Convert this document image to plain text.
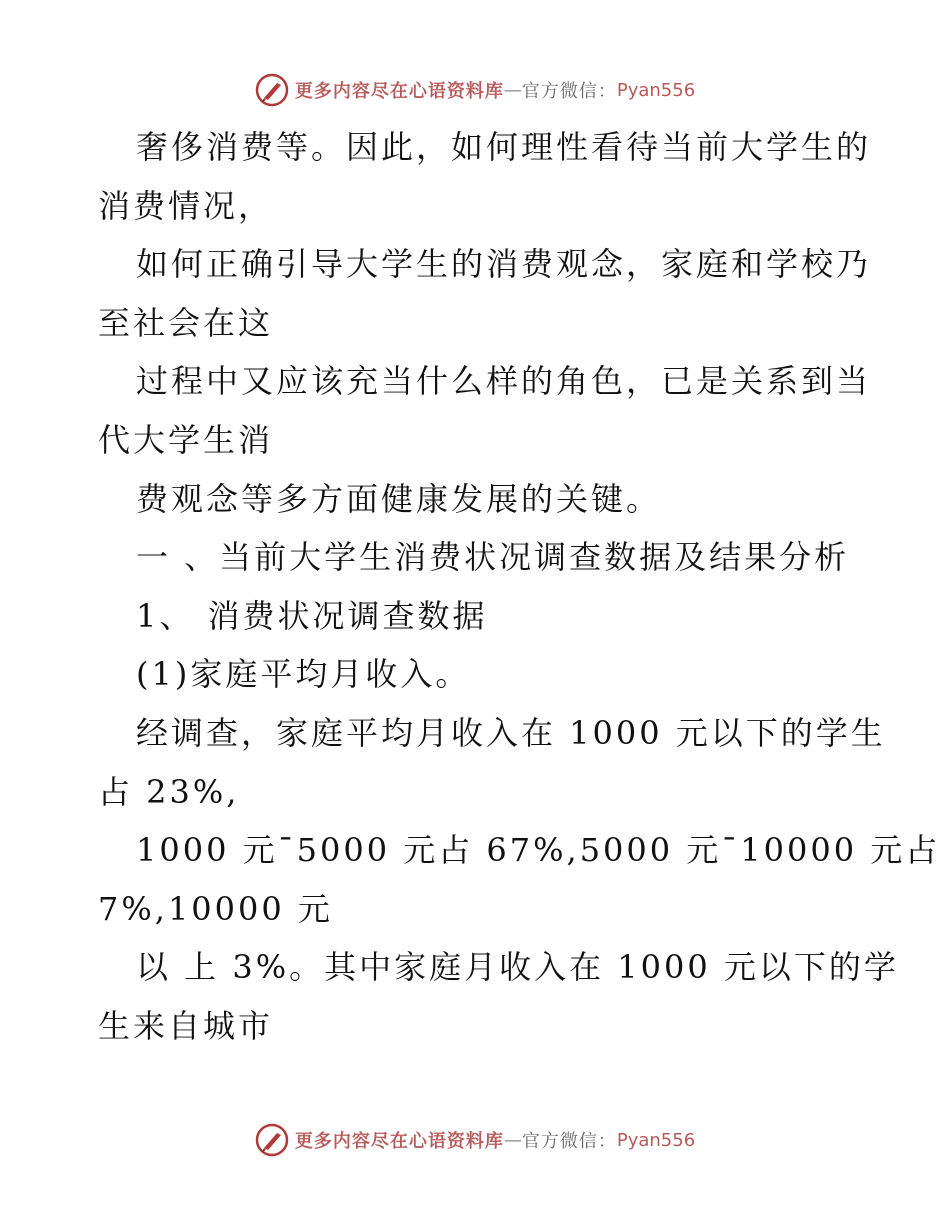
更多内容尽在心语资料库 — 官方微信： Pyan556
奢侈消费等。因此，如何理性看待当前大学生的
消费情况，
如何正确引导大学生的消费观念，家庭和学校乃
至社会在这
过程中又应该充当什么样的角色，已是关系到当
代大学生消
费观念等多方面健康发展的关键。
一 、当前大学生消费状况调查数据及结果分析
1、 消费状况调查数据
(1)家庭平均月收入。
经调查，家庭平均月收入在 1000 元以下的学生
占 23%,
1000 元¯5000 元占 67%,5000 元¯10000 元占
7%,10000 元
以 上 3%。其中家庭月收入在 1000 元以下的学
生来自城市
更多内容尽在心语资料库 — 官方微信： Pyan556
